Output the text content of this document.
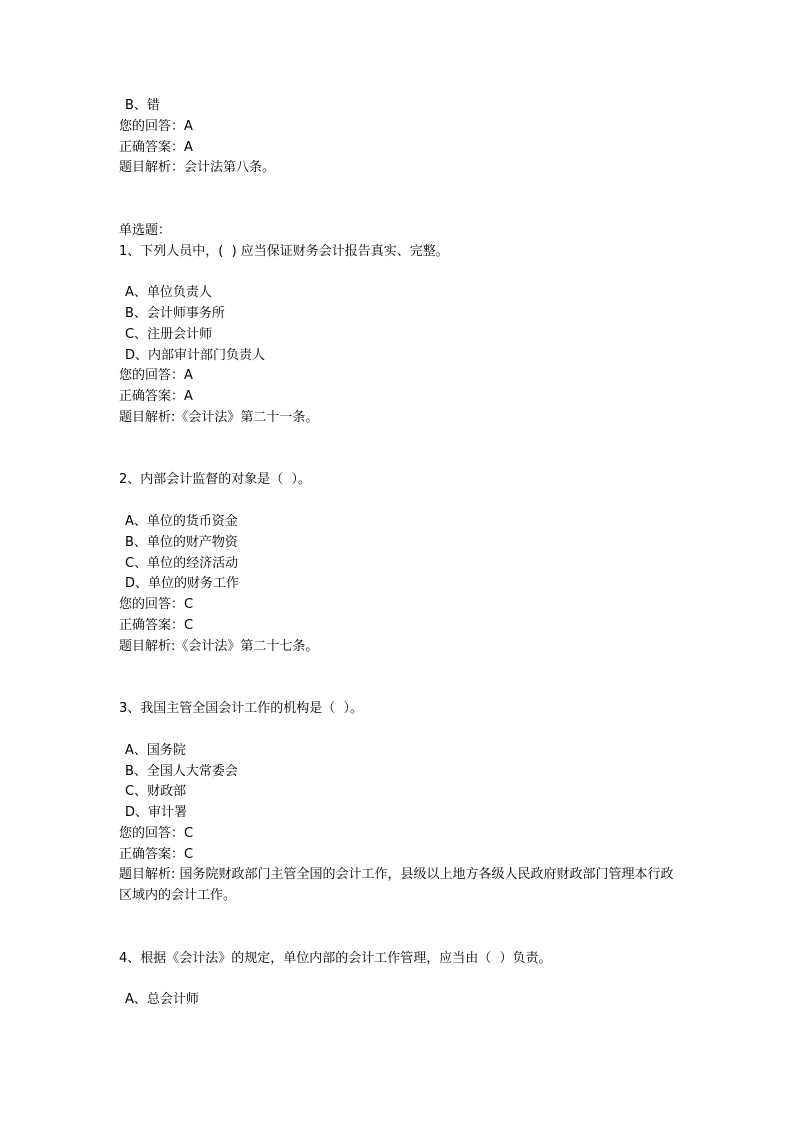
B、错
您的回答：A
正确答案：A
题目解析：会计法第八条。
单选题：
1、下列人员中，(  ) 应当保证财务会计报告真实、完整。
A、单位负责人
B、会计师事务所
C、注册会计师
D、内部审计部门负责人
您的回答：A
正确答案：A
题目解析:《会计法》第二十一条。
2、内部会计监督的对象是（  ）。
A、单位的货币资金
B、单位的财产物资
C、单位的经济活动
D、单位的财务工作
您的回答：C
正确答案：C
题目解析:《会计法》第二十七条。
3、我国主管全国会计工作的机构是（  ）。
A、国务院
B、全国人大常委会
C、财政部
D、审计署
您的回答：C
正确答案：C
题目解析: 国务院财政部门主管全国的会计工作，县级以上地方各级人民政府财政部门管理本行政区域内的会计工作。
4、根据《会计法》的规定，单位内部的会计工作管理，应当由（  ）负责。
A、总会计师
